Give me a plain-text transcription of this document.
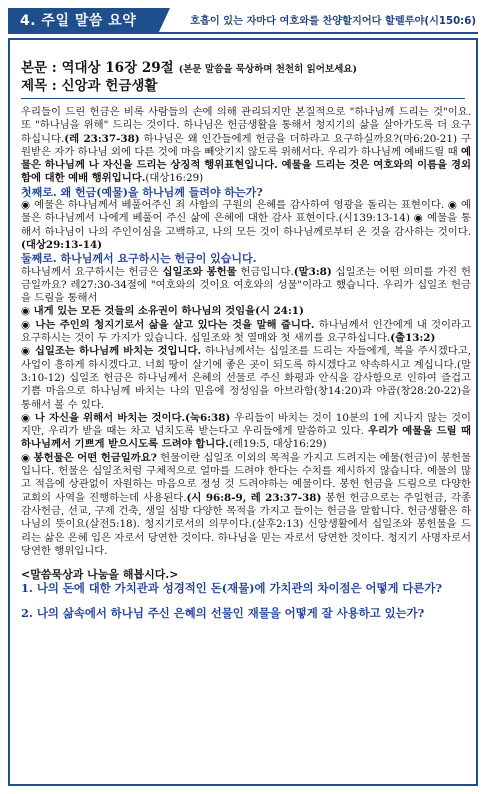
4. 주일 말씀 요약	호흡이 있는 자마다 여호와를 찬양할지어다 할렐루야(시150:6)
본문 : 역대상 16장 29절 (본문 말씀을 묵상하며 천천히 읽어보세요)
제목 : 신앙과 헌금생활

우리들이 드린 헌금은 비록 사람들의 손에 의해 관리되지만 본질적으로 "하나님께 드리는 것"이요. 또 "하나님을 위해" 드리는 것이다. 하나님은 헌금생활을 통해서 청지기의 삶을 살아가도록 더 요구하십니다.(레 23:37-38) 하나님은 왜 인간들에게 헌금을 더하라고 요구하실까요?(마6:20-21) 구원받은 자가 하나님 외에 다른 것에 마음 빼앗기지 않도록 위해서다. 우리가 하나님께 예배드릴 때 예물은 하나님께 나 자신을 드리는 상징적 행위표현입니다. 예물을 드리는 것은 여호와의 이름을 경외함에 대한 예배 행위입니다.(대상16:29)

첫째로. 왜 헌금(예물)을 하나님께 들려야 하는가?

◉ 예물은 하나님께서 베풀어주신 죄 사함의 구원의 은혜를 감사하여 영광을 돌리는 표현이다. ◉ 예물은 하나님께서 나에게 베풀어 주신 삶에 은혜에 대한 감사 표현이다.(시139:13-14) ◉ 예물을 통해서 하나님이 나의 주인이심을 고백하고, 나의 모든 것이 하나님께로부터 온 것을 감사하는 것이다.(대상29:13-14)

둘째로. 하나님께서 요구하시는 헌금이 있습니다.

하나님께서 요구하시는 헌금은 십일조와 봉헌물 헌금입니다.(말3:8) 십일조는 어떤 의미를 가진 헌금일까요? 레27:30-34절에 "여호와의 것이요 여호와의 성물"이라고 했습니다. 우리가 십일조 헌금을 드림을 통해서

◉ 내게 있는 모든 것들의 소유권이 하나님의 것임을(시 24:1)

◉ 나는 주인의 청지기로서 삶을 살고 있다는 것을 말해 줍니다. 하나님께서 인간에게 내 것이라고 요구하시는 것이 두 가지가 있습니다. 십일조와 첫 열매와 첫 새끼를 요구하십니다.(출13:2)

◉ 십일조는 하나님께 바치는 것입니다. 하나님께서는 십일조를 드리는 자들에게, 복을 주시겠다고, 사업이 흥하게 하시겠다고. 너희 땅이 살기에 좋은 곳이 되도록 하시겠다고 약속하시고 계십니다.(말3:10-12) 십일조 헌금은 하나님께서 은혜의 선물로 주신 화평과 안식을 감사함으로 인하여 즐겁고 기쁨 마음으로 하나님께 바치는 나의 믿음에 정성임을 아브라함(창14:20)과 야곱(창28:20-22)을 통해서 볼 수 있다.

◉ 나 자신을 위해서 바치는 것이다.(눅6:38) 우리들이 바치는 것이 10분의 1에 지나지 않는 것이지만, 우리가 받을 때는 차고 넘치도록 받는다고 우리들에게 말씀하고 있다. 우리가 예물을 드릴 때 하나님께서 기쁘게 받으시도록 드려야 합니다.(레19:5, 대상16:29)

◉ 봉헌물은 어떤 헌금일까요? 헌물이란 십일조 이외의 목적을 가지고 드려지는 예물(헌금)이 봉헌물입니다. 헌물은 십일조처럼 구체적으로 얼마를 드려야 한다는 수치를 제시하지 않습니다. 예물의 많고 적음에 상관없이 자원하는 마음으로 정성 것 드려야하는 예물이다. 봉헌 헌금을 드림으로 다양한 교회의 사역을 진행하는데 사용된다.(시 96:8-9, 레 23:37-38) 봉헌 헌금으로는 주일헌금, 각종감사헌금, 선교, 구제 건축, 생일 심방 다양한 목적을 가지고 들이는 헌금을 말합니다. 헌금생활은 하나님의 뜻이요(살전5:18). 청지기로서의 의무이다.(살후2:13) 신앙생활에서 십일조와 봉헌물을 드리는 삶은 은혜 입은 자로서 당연한 것이다. 하나님을 믿는 자로서 당연한 것이다. 청지기 사명자로서 당연한 행위입니다.

<말씀묵상과 나눔을 해봅시다.>

1. 나의 돈에 대한 가치관과 성경적인 돈(재물)에 가치관의 차이점은 어떻게 다른가?

2. 나의 삶속에서 하나님 주신 은혜의 선물인 재물을 어떻게 잘 사용하고 있는가?
